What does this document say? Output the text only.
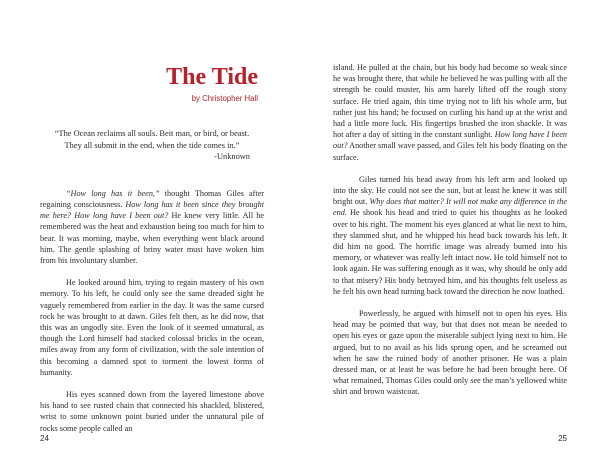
The Tide
by Christopher Hall
“The Ocean reclaims all souls. Beit man, or bird, or beast.
They all submit in the end, when the tide comes in.”
-Unknown

“How long has it been,” thought Thomas Giles after regaining consciousness. How long has it been since they brought me here? How long have I been out? He knew very little. All he remembered was the heat and exhaustion being too much for him to bear. It was morning, maybe, when everything went black around him. The gentle splashing of briny water must have woken him from his involuntary slumber.

He looked around him, trying to regain mastery of his own memory. To his left, he could only see the same dreaded sight he vaguely remembered from earlier in the day. It was the same cursed rock he was brought to at dawn. Giles felt then, as he did now, that this was an ungodly site. Even the look of it seemed unnatural, as though the Lord himself had stacked colossal bricks in the ocean, miles away from any form of civilization, with the sole intention of this becoming a damned spot to torment the lowest forms of humanity.

His eyes scanned down from the layered limestone above his hand to see rusted chain that connected his shackled, blistered, wrist to some unknown point buried under the unnatural pile of rocks some people called an

24

island. He pulled at the chain, but his body had become so weak since he was brought there, that while he believed he was pulling with all the strength he could muster, his arm barely lifted off the rough stony surface. He tried again, this time trying not to lift his whole arm, but rather just his hand; he focused on curling his hand up at the wrist and had a little more luck. His fingertips brushed the iron shackle. It was hot after a day of sitting in the constant sunlight. How long have I been out? Another small wave passed, and Giles felt his body floating on the surface.

Giles turned his head away from his left arm and looked up into the sky. He could not see the sun, but at least he knew it was still bright out. Why does that matter? It will not make any difference in the end. He shook his head and tried to quiet his thoughts as he looked over to his right. The moment his eyes glanced at what lie next to him, they slammed shut, and he whipped his head back towards his left. It did him no good. The horrific image was already burned into his memory, or whatever was really left intact now. He told himself not to look again. He was suffering enough as it was, why should he only add to that misery? His body betrayed him, and his thoughts felt useless as he felt his own head turning back toward the direction he now loathed.

Powerlessly, he argued with himself not to open his eyes. His head may be pointed that way, but that does not mean be needed to open his eyes or gaze upon the miserable subject lying next to him. He argued, but to no avail as his lids sprung open, and he screamed out when he saw the ruined body of another prisoner. He was a plain dressed man, or at least he was before he had been brought here. Of what remained, Thomas Giles could only see the man’s yellowed white shirt and brown waistcoat.

25
